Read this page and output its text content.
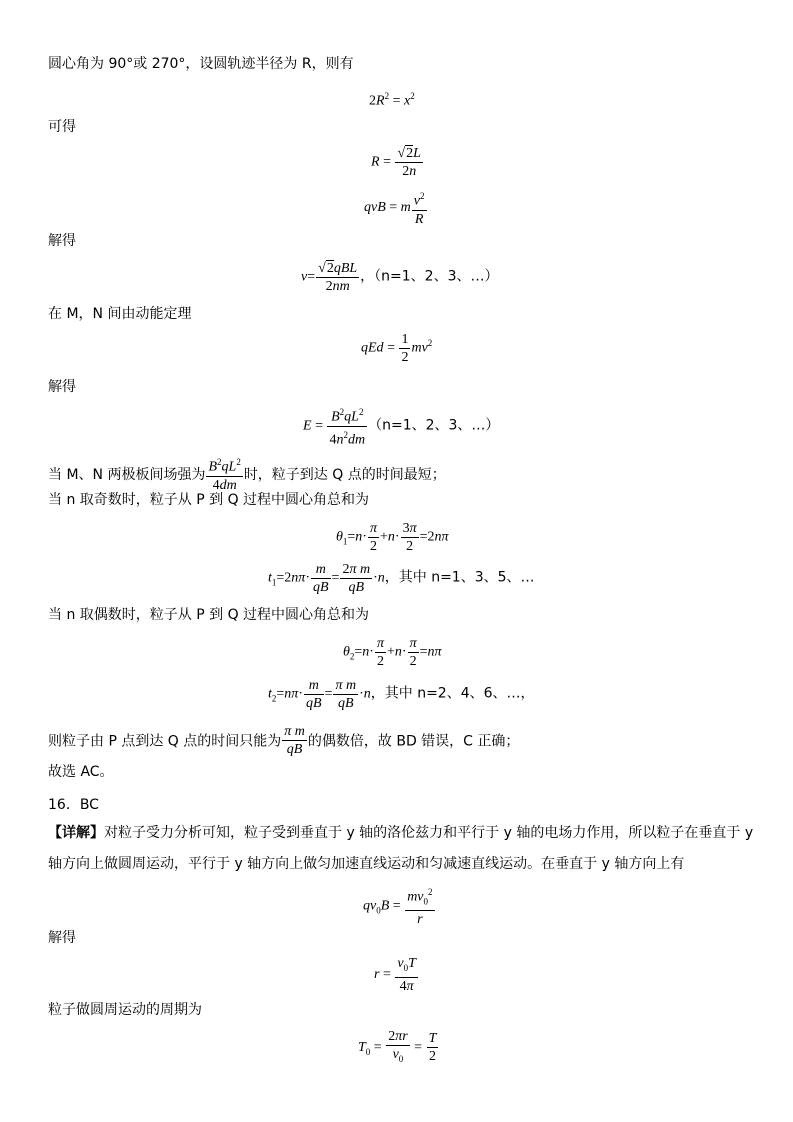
圆心角为 90°或 270°，设圆轨迹半径为 R，则有
$2R^2 = x^2$
可得
$R = \frac{√2L}{2n}$
qvB = m $\frac{v^2}{R}$
解得
$v= \frac{\text{√2qBL}}{2nm}$ ，（n=1、2、3、…）
在 M，N 间由动能定理
qEd = $\frac{1}{2} mv^2$
解得
$E = \frac{B^2qL^2}{4n^2dm} (n=1$、2、3、…）
当 M、N 两极板间场强为 $\frac{B^2qL^2}{4dm}$ 时，粒子到达 Q 点的时间最短；
当 n 取奇数时，粒子从 P 到 Q 过程中圆心角总和为
$\theta_1=n\cdot \frac{\pi}{2} +n\cdot \frac{3\pi}{2} =2n\pi$
$t_1=2n\pi\cdot \frac{m}{qB} = \frac{\text{2π m}}{qB} \cdot n$，其中 n=1、3、5、…
当 n 取偶数时，粒子从 P 到 Q 过程中圆心角总和为
$\theta_2=n\cdot \frac{\pi}{2} +n\cdot \frac{\pi}{2} =n\pi$
$t_2=n\pi\cdot \frac{m}{qB} = \frac{\text{π m}}{qB} \cdot n$，其中 n=2、4、6、…，
则粒子由 P 点到达 Q 点的时间只能为 $\frac{\text{π m}}{qB}$ 的偶数倍，故 BD 错误，C 正确；
故选 AC。
16．BC
【详解】对粒子受力分析可知，粒子受到垂直于 y 轴的洛伦兹力和平行于 y 轴的电场力作用，所以粒子在垂直于 y
轴方向上做圆周运动，平行于 y 轴方向上做匀加速直线运动和匀减速直线运动。在垂直于 y 轴方向上有
$qv_0B = \frac{mv_0^2}{r}$
解得
$r = \frac{v_0T}{4\pi}$
粒子做圆周运动的周期为
$T_0 = \frac{2\pi r}{v_0} = \frac{T}{2}$
